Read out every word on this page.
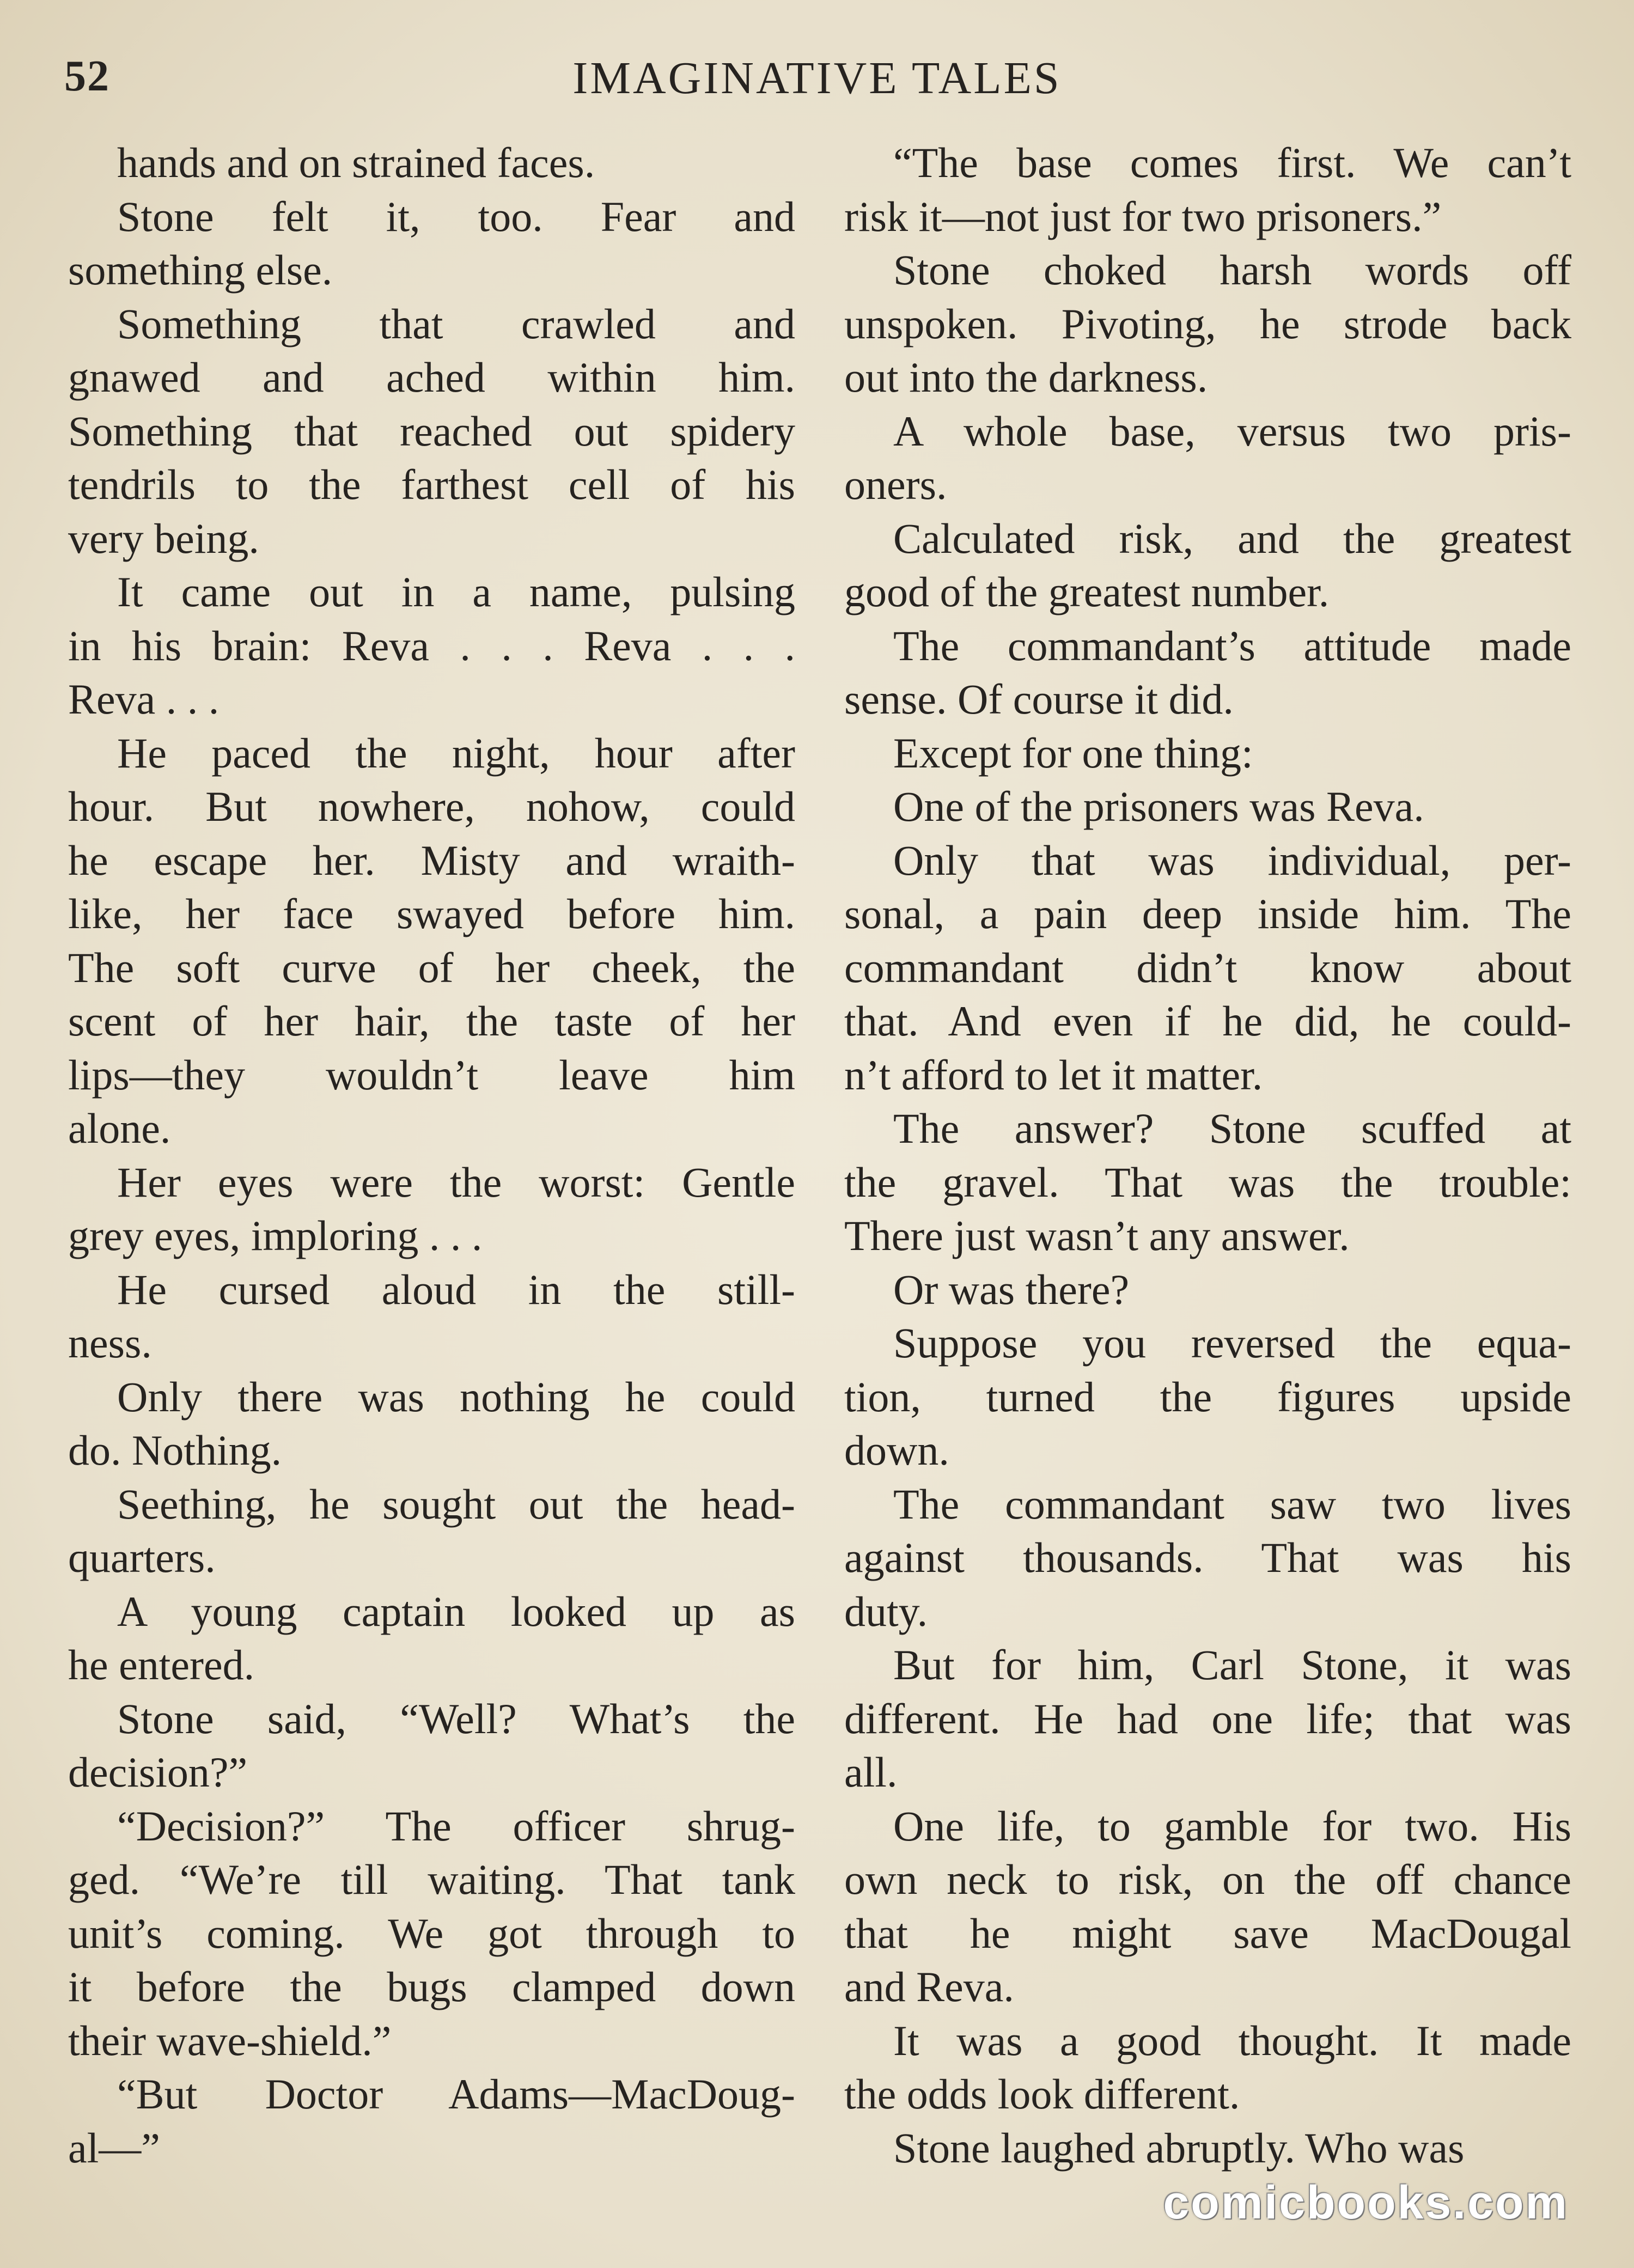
52	IMAGINATIVE TALES
hands and on strained faces.
Stone felt it, too. Fear and
something else.
Something that crawled and
gnawed and ached within him.
Something that reached out spidery
tendrils to the farthest cell of his
very being.
It came out in a name, pulsing
in his brain: Reva . . . Reva . . .
Reva . . .
He paced the night, hour after
hour. But nowhere, nohow, could
he escape her. Misty and wraith-
like, her face swayed before him.
The soft curve of her cheek, the
scent of her hair, the taste of her
lips—they wouldn’t leave him
alone.
Her eyes were the worst: Gentle
grey eyes, imploring . . .
He cursed aloud in the still-
ness.
Only there was nothing he could
do. Nothing.
Seething, he sought out the head-
quarters.
A young captain looked up as
he entered.
Stone said, “Well? What’s the
decision?”
“Decision?” The officer shrug-
ged. “We’re till waiting. That tank
unit’s coming. We got through to
it before the bugs clamped down
their wave-shield.”
“But Doctor Adams—MacDoug-
al—”
“The base comes first. We can’t
risk it—not just for two prisoners.”
Stone choked harsh words off
unspoken. Pivoting, he strode back
out into the darkness.
A whole base, versus two pris-
oners.
Calculated risk, and the greatest
good of the greatest number.
The commandant’s attitude made
sense. Of course it did.
Except for one thing:
One of the prisoners was Reva.
Only that was individual, per-
sonal, a pain deep inside him. The
commandant didn’t know about
that. And even if he did, he could-
n’t afford to let it matter.
The answer? Stone scuffed at
the gravel. That was the trouble:
There just wasn’t any answer.
Or was there?
Suppose you reversed the equa-
tion, turned the figures upside
down.
The commandant saw two lives
against thousands. That was his
duty.
But for him, Carl Stone, it was
different. He had one life; that was
all.
One life, to gamble for two. His
own neck to risk, on the off chance
that he might save MacDougal
and Reva.
It was a good thought. It made
the odds look different.
Stone laughed abruptly. Who was
comicbooks.com
